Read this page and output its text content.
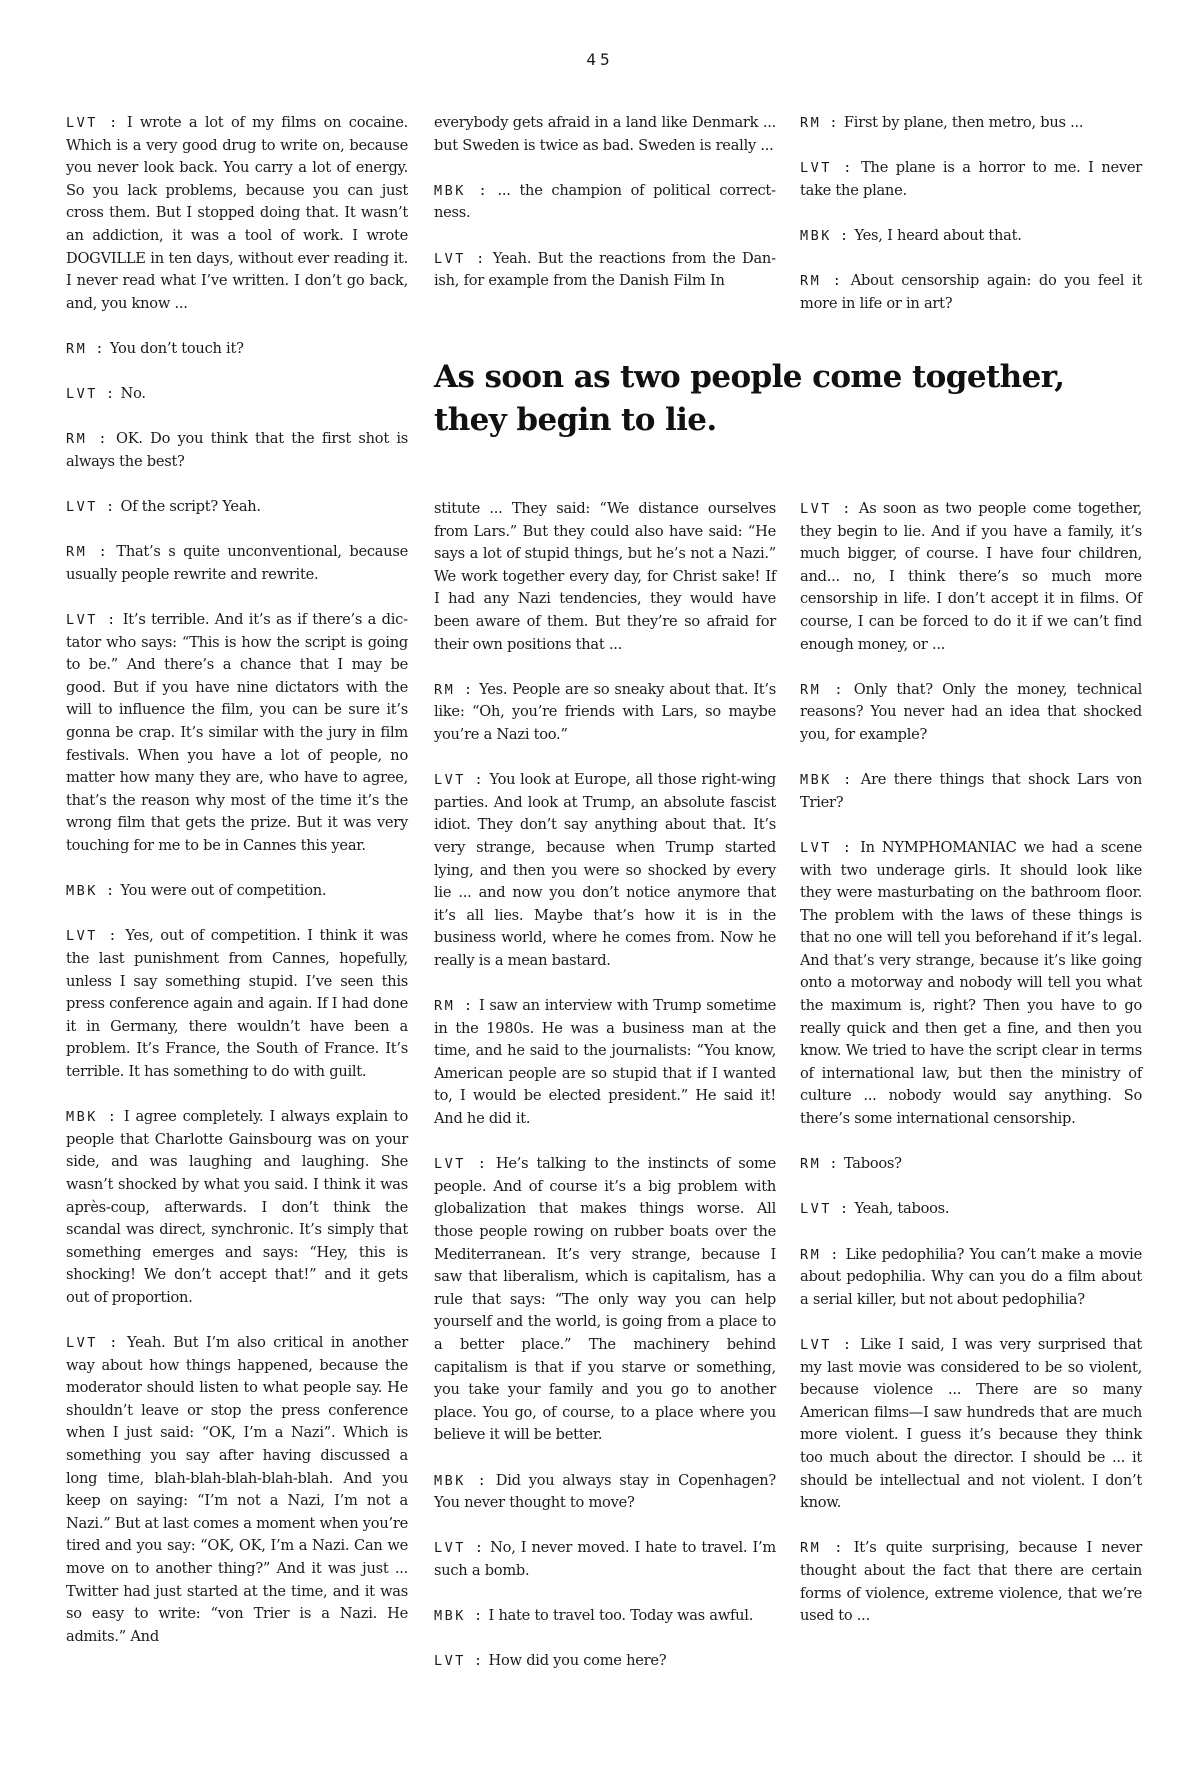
45

LVT : I wrote a lot of my films on cocaine. Which is a very good drug to write on, because you never look back. You carry a lot of energy. So you lack problems, because you can just cross them. But I stopped doing that. It wasn’t an addiction, it was a tool of work. I wrote DOGVILLE in ten days, without ever reading it. I never read what I’ve written. I don’t go back, and, you know ...

RM : You don’t touch it?

LVT : No.

RM : OK. Do you think that the first shot is always the best?

LVT : Of the script? Yeah.

RM : That’s s quite unconventional, because usually people rewrite and rewrite.

LVT : It’s terrible. And it’s as if there’s a dictator who says: “This is how the script is going to be.” And there’s a chance that I may be good. But if you have nine dictators with the will to influence the film, you can be sure it’s gonna be crap. It’s similar with the jury in film festivals. When you have a lot of people, no matter how many they are, who have to agree, that’s the reason why most of the time it’s the wrong film that gets the prize. But it was very touching for me to be in Cannes this year.

MBK : You were out of competition.

LVT : Yes, out of competition. I think it was the last punishment from Cannes, hopefully, unless I say something stupid. I’ve seen this press conference again and again. If I had done it in Germany, there wouldn’t have been a problem. It’s France, the South of France. It’s terrible. It has something to do with guilt.

MBK : I agree completely. I always explain to people that Charlotte Gainsbourg was on your side, and was laughing and laughing. She wasn’t shocked by what you said. I think it was après-coup, afterwards. I don’t think the scandal was direct, synchronic. It’s simply that something emerges and says: “Hey, this is shocking! We don’t accept that!” and it gets out of proportion.

LVT : Yeah. But I’m also critical in another way about how things happened, because the moderator should listen to what people say. He shouldn’t leave or stop the press conference when I just said: “OK, I’m a Nazi”. Which is something you say after having discussed a long time, blah-blah-blah-blah-blah. And you keep on saying: “I’m not a Nazi, I’m not a Nazi.” But at last comes a moment when you’re tired and you say: “OK, OK, I’m a Nazi. Can we move on to another thing?” And it was just ... Twitter had just started at the time, and it was so easy to write: “von Trier is a Nazi. He admits.” And

everybody gets afraid in a land like Denmark ... but Sweden is twice as bad. Sweden is really ...

MBK : ... the champion of political correctness.

LVT : Yeah. But the reactions from the Danish, for example from the Danish Film In

RM : First by plane, then metro, bus ...

LVT : The plane is a horror to me. I never take the plane.

MBK : Yes, I heard about that.

RM : About censorship again: do you feel it more in life or in art?

As soon as two people come together, they begin to lie.

stitute ... They said: “We distance ourselves from Lars.” But they could also have said: “He says a lot of stupid things, but he’s not a Nazi.” We work together every day, for Christ sake! If I had any Nazi tendencies, they would have been aware of them. But they’re so afraid for their own positions that ...

RM : Yes. People are so sneaky about that. It’s like: “Oh, you’re friends with Lars, so maybe you’re a Nazi too.”

LVT : You look at Europe, all those right-wing parties. And look at Trump, an absolute fascist idiot. They don’t say anything about that. It’s very strange, because when Trump started lying, and then you were so shocked by every lie ... and now you don’t notice anymore that it’s all lies. Maybe that’s how it is in the business world, where he comes from. Now he really is a mean bastard.

RM : I saw an interview with Trump sometime in the 1980s. He was a business man at the time, and he said to the journalists: “You know, American people are so stupid that if I wanted to, I would be elected president.” He said it! And he did it.

LVT : He’s talking to the instincts of some people. And of course it’s a big problem with globalization that makes things worse. All those people rowing on rubber boats over the Mediterranean. It’s very strange, because I saw that liberalism, which is capitalism, has a rule that says: “The only way you can help yourself and the world, is going from a place to a better place.” The machinery behind capitalism is that if you starve or something, you take your family and you go to another place. You go, of course, to a place where you believe it will be better.

MBK : Did you always stay in Copenhagen? You never thought to move?

LVT : No, I never moved. I hate to travel. I’m such a bomb.

MBK : I hate to travel too. Today was awful.

LVT : How did you come here?

LVT : As soon as two people come together, they begin to lie. And if you have a family, it’s much bigger, of course. I have four children, and... no, I think there’s so much more censorship in life. I don’t accept it in films. Of course, I can be forced to do it if we can’t find enough money, or ...

RM : Only that? Only the money, technical reasons? You never had an idea that shocked you, for example?

MBK : Are there things that shock Lars von Trier?

LVT : In NYMPHOMANIAC we had a scene with two underage girls. It should look like they were masturbating on the bathroom floor. The problem with the laws of these things is that no one will tell you beforehand if it’s legal. And that’s very strange, because it’s like going onto a motorway and nobody will tell you what the maximum is, right? Then you have to go really quick and then get a fine, and then you know. We tried to have the script clear in terms of international law, but then the ministry of culture ... nobody would say anything. So there’s some international censorship.

RM : Taboos?

LVT : Yeah, taboos.

RM : Like pedophilia? You can’t make a movie about pedophilia. Why can you do a film about a serial killer, but not about pedophilia?

LVT : Like I said, I was very surprised that my last movie was considered to be so violent, because violence ... There are so many American films—I saw hundreds that are much more violent. I guess it’s because they think too much about the director. I should be ... it should be intellectual and not violent. I don’t know.

RM : It’s quite surprising, because I never thought about the fact that there are certain forms of violence, extreme violence, that we’re used to ...
